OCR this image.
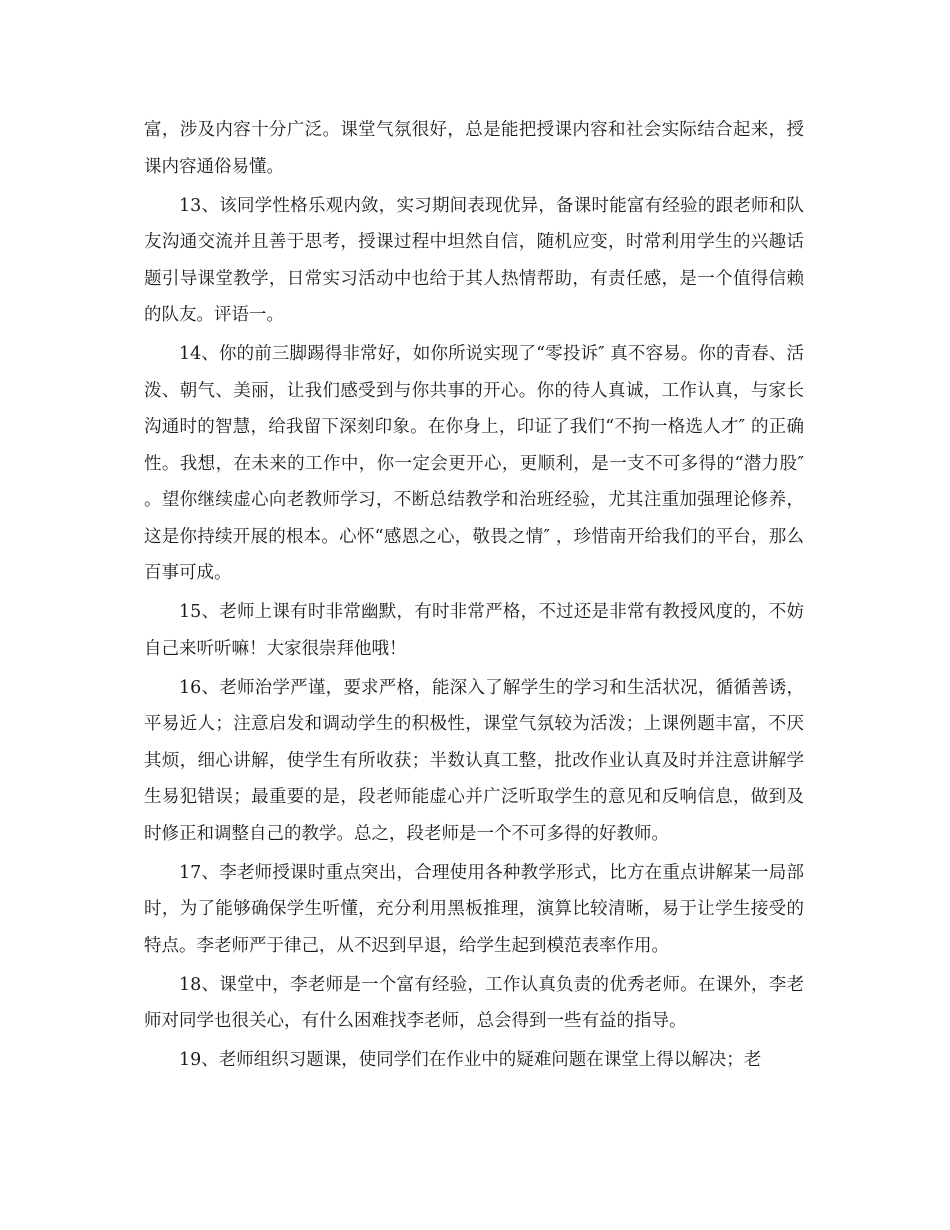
富，涉及内容十分广泛。课堂气氛很好，总是能把授课内容和社会实际结合起来，授课内容通俗易懂。

13、该同学性格乐观内敛，实习期间表现优异，备课时能富有经验的跟老师和队友沟通交流并且善于思考，授课过程中坦然自信，随机应变，时常利用学生的兴趣话题引导课堂教学，日常实习活动中也给于其人热情帮助，有责任感，是一个值得信赖的队友。评语一。

14、你的前三脚踢得非常好，如你所说实现了“零投诉″ 真不容易。你的青春、活泼、朝气、美丽，让我们感受到与你共事的开心。你的待人真诚，工作认真，与家长沟通时的智慧，给我留下深刻印象。在你身上，印证了我们“不拘一格选人才″ 的正确性。我想，在未来的工作中，你一定会更开心，更顺利，是一支不可多得的“潜力股″ 。望你继续虚心向老教师学习，不断总结教学和治班经验，尤其注重加强理论修养，这是你持续开展的根本。心怀“感恩之心，敬畏之情″ ，珍惜南开给我们的平台，那么百事可成。

15、老师上课有时非常幽默，有时非常严格，不过还是非常有教授风度的，不妨自己来听听嘛！大家很崇拜他哦！

16、老师治学严谨，要求严格，能深入了解学生的学习和生活状况，循循善诱，平易近人；注意启发和调动学生的积极性，课堂气氛较为活泼；上课例题丰富，不厌其烦，细心讲解，使学生有所收获；半数认真工整，批改作业认真及时并注意讲解学生易犯错误；最重要的是，段老师能虚心并广泛听取学生的意见和反响信息，做到及时修正和调整自己的教学。总之，段老师是一个不可多得的好教师。

17、李老师授课时重点突出，合理使用各种教学形式，比方在重点讲解某一局部时，为了能够确保学生听懂，充分利用黑板推理，演算比较清晰，易于让学生接受的特点。李老师严于律己，从不迟到早退，给学生起到模范表率作用。

18、课堂中，李老师是一个富有经验，工作认真负责的优秀老师。在课外，李老师对同学也很关心，有什么困难找李老师，总会得到一些有益的指导。

19、老师组织习题课，使同学们在作业中的疑难问题在课堂上得以解决；老
